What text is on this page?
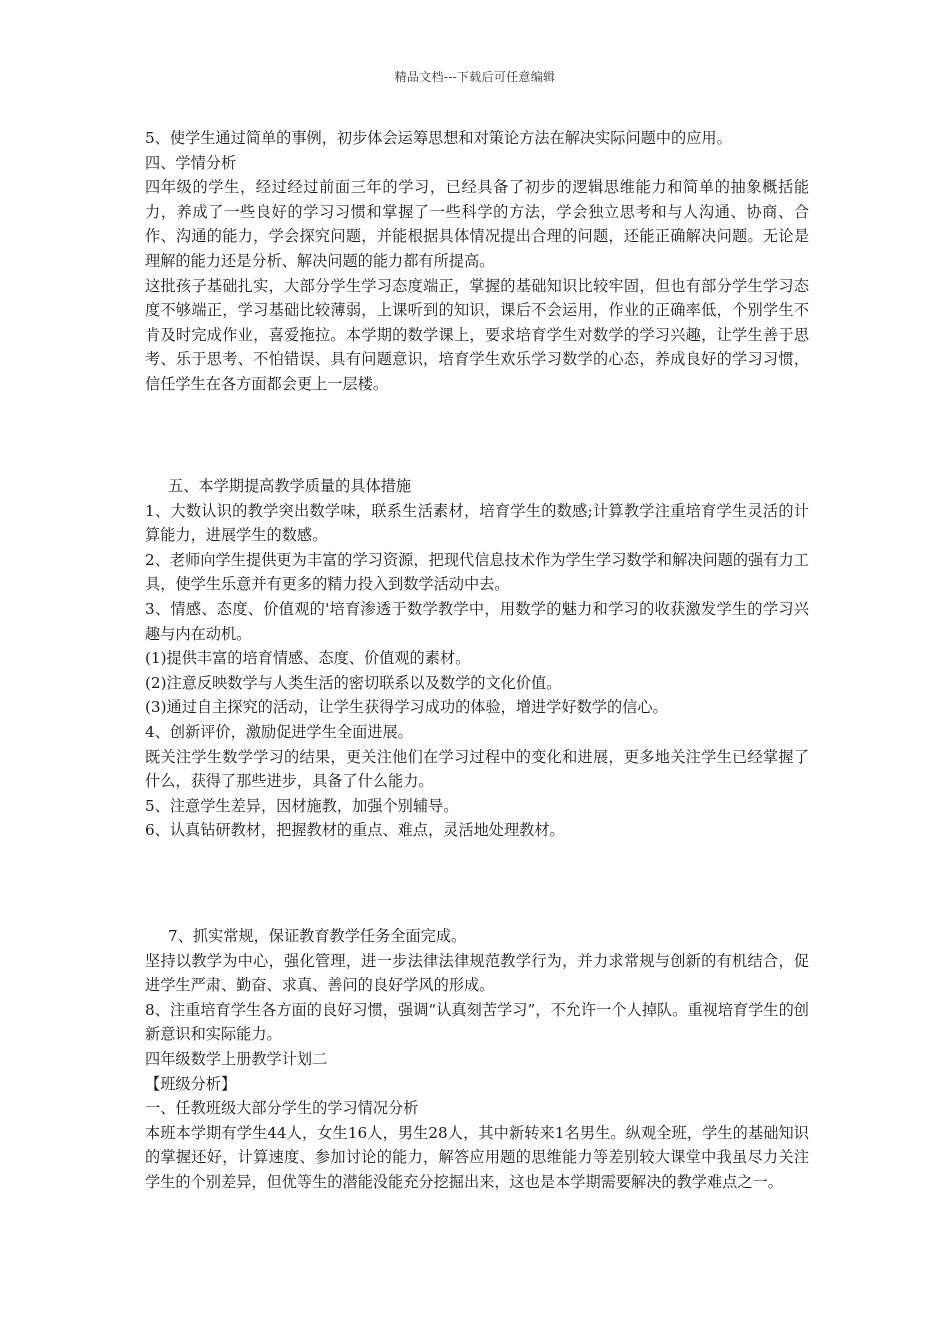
精品文档---下载后可任意编辑

5、使学生通过简单的事例，初步体会运筹思想和对策论方法在解决实际问题中的应用。

四、学情分析

四年级的学生，经过经过前面三年的学习，已经具备了初步的逻辑思维能力和简单的抽象概括能力，养成了一些良好的学习习惯和掌握了一些科学的方法，学会独立思考和与人沟通、协商、合作、沟通的能力，学会探究问题，并能根据具体情况提出合理的问题，还能正确解决问题。无论是理解的能力还是分析、解决问题的能力都有所提高。

这批孩子基础扎实，大部分学生学习态度端正，掌握的基础知识比较牢固，但也有部分学生学习态度不够端正，学习基础比较薄弱，上课听到的知识，课后不会运用，作业的正确率低，个别学生不肯及时完成作业，喜爱拖拉。本学期的数学课上，要求培育学生对数学的学习兴趣，让学生善于思考、乐于思考、不怕错误、具有问题意识，培育学生欢乐学习数学的心态，养成良好的学习习惯，信任学生在各方面都会更上一层楼。

五、本学期提高教学质量的具体措施

1、大数认识的教学突出数学味，联系生活素材，培育学生的数感;计算教学注重培育学生灵活的计算能力，进展学生的数感。

2、老师向学生提供更为丰富的学习资源，把现代信息技术作为学生学习数学和解决问题的强有力工具，使学生乐意并有更多的精力投入到数学活动中去。

3、情感、态度、价值观的'培育渗透于数学教学中，用数学的魅力和学习的收获激发学生的学习兴趣与内在动机。

(1)提供丰富的培育情感、态度、价值观的素材。

(2)注意反映数学与人类生活的密切联系以及数学的文化价值。

(3)通过自主探究的活动，让学生获得学习成功的体验，增进学好数学的信心。

4、创新评价，激励促进学生全面进展。

既关注学生数学学习的结果，更关注他们在学习过程中的变化和进展，更多地关注学生已经掌握了什么，获得了那些进步，具备了什么能力。

5、注意学生差异，因材施教，加强个别辅导。

6、认真钻研教材，把握教材的重点、难点，灵活地处理教材。

7、抓实常规，保证教育教学任务全面完成。

坚持以教学为中心，强化管理，进一步法律法律规范教学行为，并力求常规与创新的有机结合，促进学生严肃、勤奋、求真、善问的良好学风的形成。

8、注重培育学生各方面的良好习惯，强调“认真刻苦学习”，不允许一个人掉队。重视培育学生的创新意识和实际能力。

四年级数学上册教学计划二

【班级分析】

一、任教班级大部分学生的学习情况分析

本班本学期有学生44人，女生16人，男生28人，其中新转来1名男生。纵观全班，学生的基础知识的掌握还好，计算速度、参加讨论的能力，解答应用题的思维能力等差别较大课堂中我虽尽力关注学生的个别差异，但优等生的潜能没能充分挖掘出来，这也是本学期需要解决的教学难点之一。
